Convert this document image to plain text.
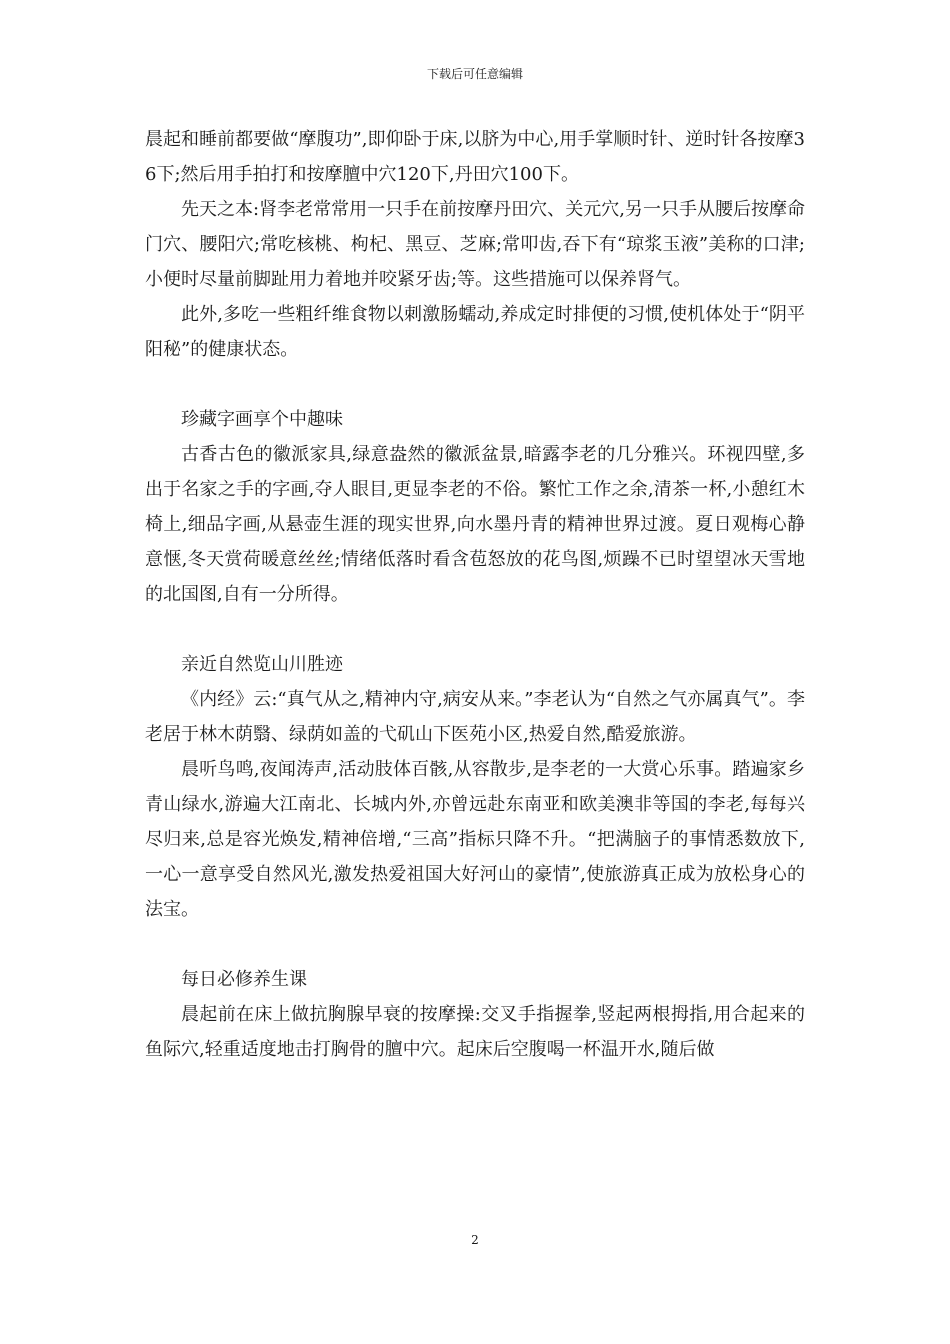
下载后可任意编辑

晨起和睡前都要做“摩腹功”,即仰卧于床,以脐为中心,用手掌顺时针、逆时针各按摩36下;然后用手拍打和按摩膻中穴120下,丹田穴100下。

先天之本:肾李老常常用一只手在前按摩丹田穴、关元穴,另一只手从腰后按摩命门穴、腰阳穴;常吃核桃、枸杞、黑豆、芝麻;常叩齿,吞下有“琼浆玉液”美称的口津;小便时尽量前脚趾用力着地并咬紧牙齿;等。这些措施可以保养肾气。

此外,多吃一些粗纤维食物以刺激肠蠕动,养成定时排便的习惯,使机体处于“阴平阳秘”的健康状态。

珍藏字画享个中趣味

古香古色的徽派家具,绿意盎然的徽派盆景,暗露李老的几分雅兴。环视四壁,多出于名家之手的字画,夺人眼目,更显李老的不俗。繁忙工作之余,清茶一杯,小憩红木椅上,细品字画,从悬壶生涯的现实世界,向水墨丹青的精神世界过渡。夏日观梅心静意惬,冬天赏荷暖意丝丝;情绪低落时看含苞怒放的花鸟图,烦躁不已时望望冰天雪地的北国图,自有一分所得。

亲近自然览山川胜迹

《内经》云:“真气从之,精神内守,病安从来。”李老认为“自然之气亦属真气”。李老居于林木荫翳、绿荫如盖的弋矶山下医苑小区,热爱自然,酷爱旅游。

晨听鸟鸣,夜闻涛声,活动肢体百骸,从容散步,是李老的一大赏心乐事。踏遍家乡青山绿水,游遍大江南北、长城内外,亦曾远赴东南亚和欧美澳非等国的李老,每每兴尽归来,总是容光焕发,精神倍增,“三高”指标只降不升。“把满脑子的事情悉数放下,一心一意享受自然风光,激发热爱祖国大好河山的豪情”,使旅游真正成为放松身心的法宝。

每日必修养生课

晨起前在床上做抗胸腺早衰的按摩操:交叉手指握拳,竖起两根拇指,用合起来的鱼际穴,轻重适度地击打胸骨的膻中穴。起床后空腹喝一杯温开水,随后做

2
